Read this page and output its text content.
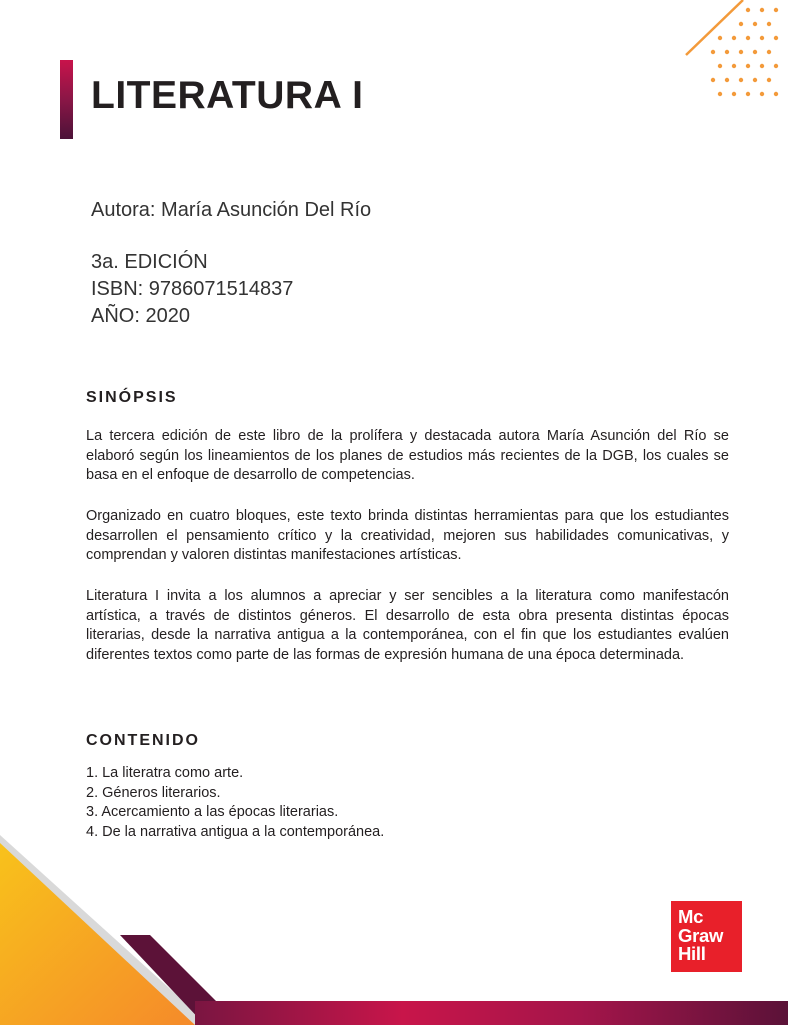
LITERATURA I
Autora: María Asunción Del Río
3a. EDICIÓN
ISBN: 9786071514837
AÑO: 2020
SINÓPSIS

La tercera edición de este libro de la prolífera y destacada autora María Asunción del Río se elaboró según los lineamientos de los planes de estudios más recientes de la DGB, los cuales se basa en el enfoque de desarrollo de competencias.

Organizado en cuatro bloques, este texto brinda distintas herramientas para que los estudiantes desarrollen el pensamiento crítico y la creatividad, mejoren sus habilidades comunicativas, y comprendan y valoren distintas manifestaciones artísticas.

Literatura I invita a los alumnos a apreciar y ser sencibles a la literatura como manifestacón artística, a través de distintos géneros. El desarrollo de esta obra presenta distintas épocas literarias, desde la narrativa antigua a la contemporánea, con el fin que los estudiantes evalúen diferentes textos como parte de las formas de expresión humana de una época determinada.

CONTENIDO
1. La literatra como arte.
2. Géneros literarios.
3. Acercamiento a las épocas literarias.
4. De la narrativa antigua a la contemporánea.
Mc
Graw
Hill
